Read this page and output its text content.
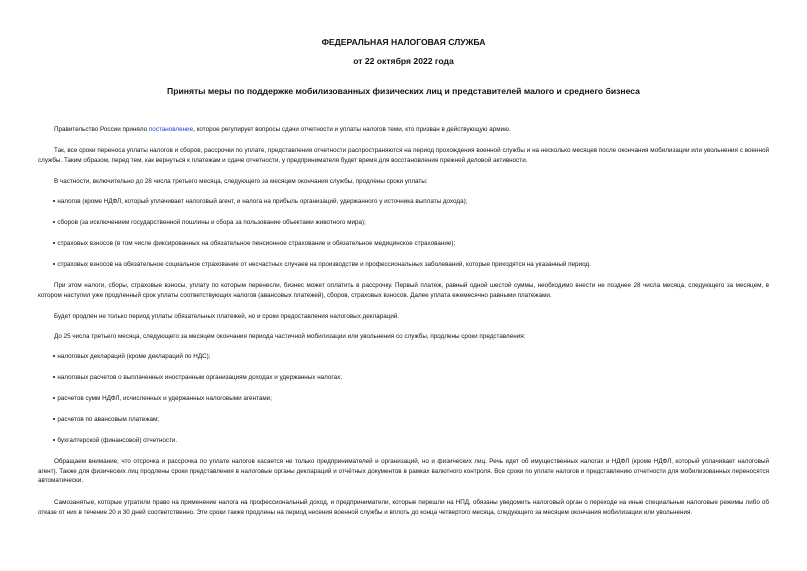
ФЕДЕРАЛЬНАЯ НАЛОГОВАЯ СЛУЖБА
от 22 октября 2022 года
Приняты меры по поддержке мобилизованных физических лиц и представителей малого и среднего бизнеса

Правительство России приняло постановление, которое регулирует вопросы сдачи отчетности и уплаты налогов теми, кто призван в действующую армию.

Так, все сроки переноса уплаты налогов и сборов, рассрочки по уплате, представления отчетности распространяются на период прохождения военной службы и на несколько месяцев после окончания мобилизации или увольнения с военной службы. Таким образом, перед тем, как вернуться к платежам и сдаче отчетности, у предпринимателя будет время для восстановления прежней деловой активности.

В частности, включительно до 28 числа третьего месяца, следующего за месяцем окончания службы, продлены сроки уплаты:

налогов (кроме НДФЛ, который уплачивает налоговый агент, и налога на прибыль организаций, удержанного у источника выплаты дохода);

сборов (за исключением государственной пошлины и сбора за пользование объектами животного мира);

страховых взносов (в том числе фиксированных на обязательное пенсионное страхование и обязательное медицинское страхование);

страховых взносов на обязательное социальное страхование от несчастных случаев на производстве и профессиональных заболеваний, которые приходятся на указанный период.

При этом налоги, сборы, страховые взносы, уплату по которым перенесли, бизнес может оплатить в рассрочку. Первый платеж, равный одной шестой суммы, необходимо внести не позднее 28 числа месяца, следующего за месяцем, в котором наступил уже продленный срок уплаты соответствующих налогов (авансовых платежей), сборов, страховых взносов. Далее уплата ежемесячно равными платежами.

Будет продлен не только период уплаты обязательных платежей, но и сроки предоставления налоговых деклараций.

До 25 числа третьего месяца, следующего за месяцем окончания периода частичной мобилизации или увольнения со службы, продлены сроки представления:

налоговых деклараций (кроме деклараций по НДС);

налоговых расчетов о выплаченных иностранным организациям доходах и удержанных налогах;

расчетов сумм НДФЛ, исчисленных и удержанных налоговыми агентами;

расчетов по авансовым платежам;

бухгалтерской (финансовой) отчетности.

Обращаем внимание, что отсрочка и рассрочка по уплате налогов касается не только предпринимателей и организаций, но и физических лиц. Речь идет об имущественных налогах и НДФЛ (кроме НДФЛ, который уплачивает налоговый агент). Также для физических лиц продлены сроки представления в налоговые органы деклараций и отчётных документов в рамках валютного контроля. Все сроки по уплате налогов и представлению отчетности для мобилизованных переносятся автоматически.

Самозанятые, которые утратили право на применение налога на профессиональный доход, и предприниматели, которые перешли на НПД, обязаны уведомить налоговый орган о переходе на иные специальные налоговые режимы либо об отказе от них в течение 20 и 30 дней соответственно. Эти сроки также продлены на период несения военной службы и вплоть до конца четвертого месяца, следующего за месяцем окончания мобилизации или увольнения.
